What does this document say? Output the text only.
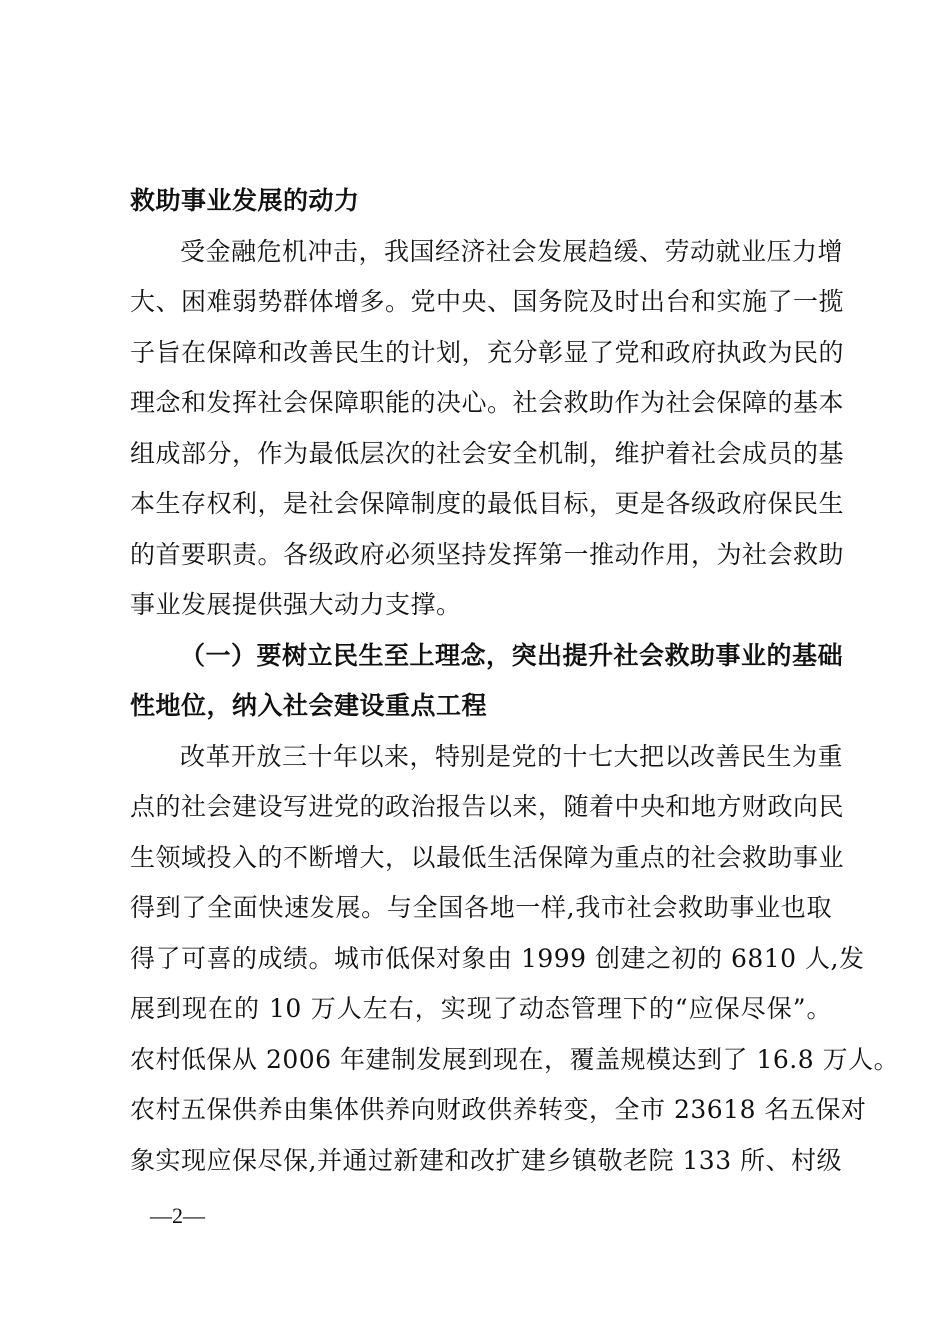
救助事业发展的动力
受金融危机冲击，我国经济社会发展趋缓、劳动就业压力增
大、困难弱势群体增多。党中央、国务院及时出台和实施了一揽
子旨在保障和改善民生的计划，充分彰显了党和政府执政为民的
理念和发挥社会保障职能的决心。社会救助作为社会保障的基本
组成部分，作为最低层次的社会安全机制，维护着社会成员的基
本生存权利，是社会保障制度的最低目标，更是各级政府保民生
的首要职责。各级政府必须坚持发挥第一推动作用，为社会救助
事业发展提供强大动力支撑。
（一）要树立民生至上理念，突出提升社会救助事业的基础
性地位，纳入社会建设重点工程
改革开放三十年以来，特别是党的十七大把以改善民生为重
点的社会建设写进党的政治报告以来，随着中央和地方财政向民
生领域投入的不断增大，以最低生活保障为重点的社会救助事业
得到了全面快速发展。与全国各地一样,我市社会救助事业也取
得了可喜的成绩。城市低保对象由 1999 创建之初的 6810 人,发
展到现在的 10 万人左右，实现了动态管理下的“应保尽保”。
农村低保从 2006 年建制发展到现在，覆盖规模达到了 16.8 万人。
农村五保供养由集体供养向财政供养转变，全市 23618 名五保对
象实现应保尽保,并通过新建和改扩建乡镇敬老院 133 所、村级
—2—
